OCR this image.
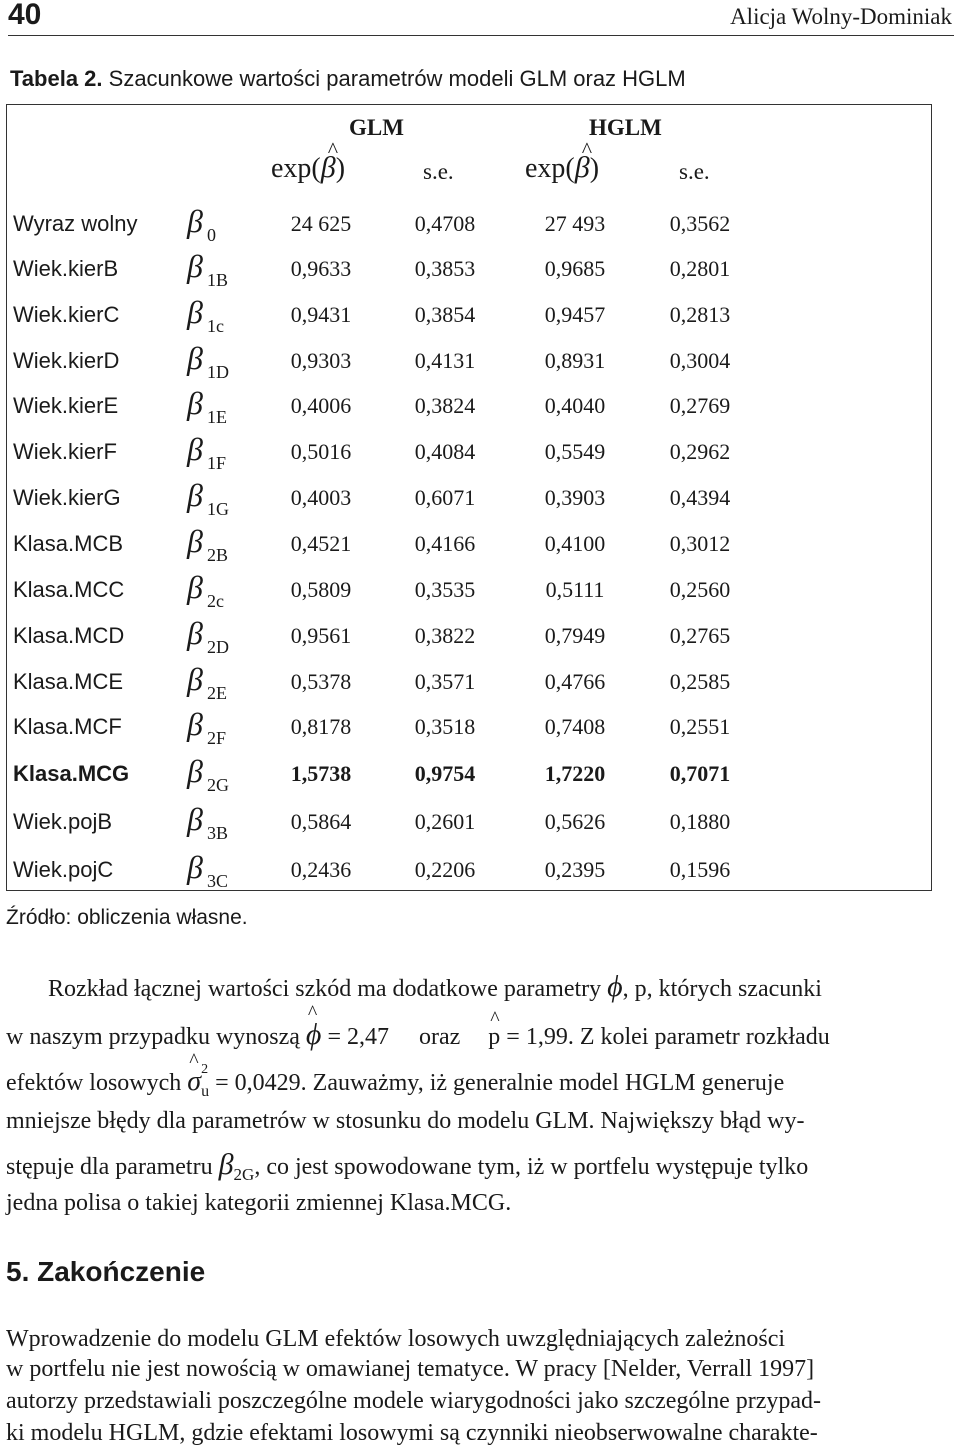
40	Alicja Wolny-Dominiak
Tabela 2. Szacunkowe wartości parametrów modeli GLM oraz HGLM
GLM	HGLM
exp(^ β)	s.e.	exp(^ β)	s.e.
Wyraz wolny β 0	24 625	0,4708	27 493	0,3562
Wiek.kierB β 1B	0,9633	0,3853	0,9685	0,2801
Wiek.kierC β 1c	0,9431	0,3854	0,9457	0,2813
Wiek.kierD β 1D	0,9303	0,4131	0,8931	0,3004
Wiek.kierE β 1E	0,4006	0,3824	0,4040	0,2769
Wiek.kierF β 1F	0,5016	0,4084	0,5549	0,2962
Wiek.kierG β 1G	0,4003	0,6071	0,3903	0,4394
Klasa.MCB β 2B	0,4521	0,4166	0,4100	0,3012
Klasa.MCC β 2c	0,5809	0,3535	0,5111	0,2560
Klasa.MCD β 2D	0,9561	0,3822	0,7949	0,2765
Klasa.MCE β 2E	0,5378	0,3571	0,4766	0,2585
Klasa.MCF β 2F	0,8178	0,3518	0,7408	0,2551
Klasa.MCG β 2G	1,5738	0,9754	1,7220	0,7071
Wiek.pojB β 3B	0,5864	0,2601	0,5626	0,1880
Wiek.pojC β 3C	0,2436	0,2206	0,2395	0,1596
Źródło: obliczenia własne.
Rozkład łącznej wartości szkód ma dodatkowe parametry ϕ, p, których szacunki
w naszym przypadku wynoszą ^ ϕ = 2,47 oraz ^ p = 1,99. Z kolei parametr rozkładu
efektów losowych ^ $\sigma_u$
2
= 0,0429. Zauważmy, iż generalnie model HGLM generuje
mniejsze błędy dla parametrów w stosunku do modelu GLM. Największy błąd wy-
stępuje dla parametru $\beta_{2G}$, co jest spowodowane tym, iż w portfelu występuje tylko
jedna polisa o takiej kategorii zmiennej Klasa.MCG.
5. Zakończenie
Wprowadzenie do modelu GLM efektów losowych uwzględniających zależności
w portfelu nie jest nowością w omawianej tematyce. W pracy [Nelder, Verrall 1997]
autorzy przedstawiali poszczególne modele wiarygodności jako szczególne przypad-
ki modelu HGLM, gdzie efektami losowymi są czynniki nieobserwowalne charakte-
